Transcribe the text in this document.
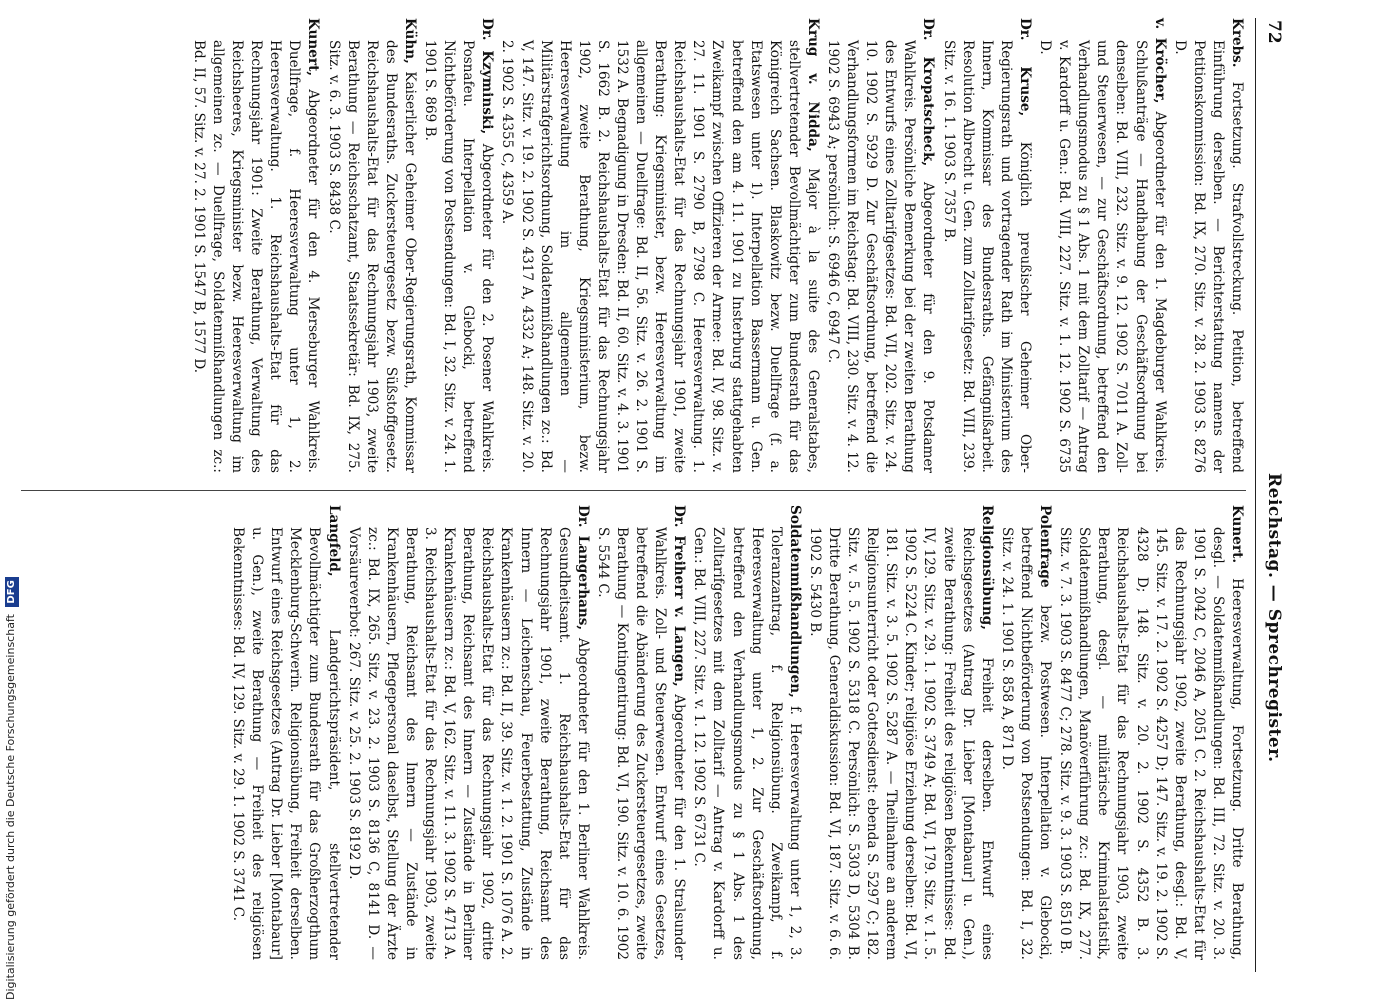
72
Reichstag. — Sprechregister.
Krebs. Fortsetzung. Strafvollstreckung. Petition, betreffend Einführung derselben. — Berichterstattung namens der Petitionskommission: Bd. IX, 270. Sitz. v. 28. 2. 1903 S. 8276 D.
v. Kröcher, Abgeordneter für den 1. Magdeburger Wahlkreis. Schlußanträge — Handhabung der Geschäftsordnung bei denselben: Bd. VIII, 232. Sitz. v. 9. 12. 1902 S. 7011 A. Zoll- und Steuerwesen, — zur Geschäftsordnung, betreffend den Verhandlungsmodus zu § 1 Abs. 1 mit dem Zolltarif — Antrag v. Kardorff u. Gen.: Bd. VIII, 227. Sitz. v. 1. 12. 1902 S. 6735 D.
Dr. Kruse, Königlich preußischer Geheimer Ober-Regierungsrath und vortragender Rath im Ministerium des Innern, Kommissar des Bundesraths. Gefängnißarbeit. Resolution Albrecht u. Gen. zum Zolltarifgesetz: Bd. VIII, 239. Sitz. v. 16. 1. 1903 S. 7357 B.
Dr. Kropatscheck, Abgeordneter für den 9. Potsdamer Wahlkreis. Persönliche Bemerkung bei der zweiten Berathung des Entwurfs eines Zolltarifgesetzes: Bd. VII, 202. Sitz. v. 24. 10. 1902 S. 5929 D. Zur Geschäftsordnung, betreffend die Verhandlungsformen im Reichstag: Bd. VIII, 230. Sitz. v. 4. 12. 1902 S. 6943 A; persönlich: S. 6946 C, 6947 C.
Krug v. Nidda, Major à la suite des Generalstabes, stellvertretender Bevollmächtigter zum Bundesrath für das Königreich Sachsen. Blaskowitz bezw. Duellfrage (f. a. Etatswesen unter 1). Interpellation Bassermann u. Gen. betreffend den am 4. 11. 1901 zu Insterburg stattgehabten Zweikampf zwischen Offizieren der Armee: Bd. IV, 98. Sitz. v. 27. 11. 1901 S. 2790 B, 2798 C. Heeresverwaltung. 1. Reichshaushalts-Etat für das Rechnungsjahr 1901, zweite Berathung: Kriegsminister, bezw. Heeresverwaltung im allgemeinen — Duellfrage: Bd. II, 56. Sitz. v. 26. 2. 1901 S. 1532 A. Begnadigung in Dresden: Bd. II, 60. Sitz. v. 4. 3. 1901 S. 1662 B. 2. Reichshaushalts-Etat für das Rechnungsjahr 1902, zweite Berathung, Kriegsministerium, bezw. Heeresverwaltung im allgemeinen — Militärstrafgerichtsordnung, Soldatenmißhandlungen zc.: Bd. V, 147. Sitz. v. 19. 2. 1902 S. 4317 A, 4332 A; 148. Sitz. v. 20. 2. 1902 S. 4355 C, 4359 A.
Dr. Kzyminski, Abgeordneter für den 2. Posener Wahlkreis. Posnafeu. Interpellation v. Glebocki, betreffend Nichtbeförderung von Postsendungen: Bd. I, 32. Sitz. v. 24. 1. 1901 S. 869 B.
Kühn, Kaiserlicher Geheimer Ober-Regierungsrath, Kommissar des Bundesraths. Zuckersteuergesetz bezw. Süßstoffgesetz. Reichshaushalts-Etat für das Rechnungsjahr 1903, zweite Berathung — Reichsschatzamt, Staatssekretär: Bd. IX, 275. Sitz. v. 6. 3. 1903 S. 8438 C.
Kunert, Abgeordneter für den 4. Merseburger Wahlkreis. Duellfrage, f. Heeresverwaltung unter 1, 2. Heeresverwaltung. 1. Reichshaushalts-Etat für das Rechnungsjahr 1901: Zweite Berathung, Verwaltung des Reichsheeres, Kriegsminister bezw. Heeresverwaltung im allgemeinen zc. — Duellfrage, Soldatenmißhandlungen zc.: Bd. II, 57. Sitz. v. 27. 2. 1901 S. 1547 B, 1577 D.
Kunert. Heeresverwaltung, Fortsetzung. Dritte Berathung, desgl. — Soldatenmißhandlungen: Bd. III, 72. Sitz. v. 20. 3. 1901 S. 2042 C, 2046 A, 2051 C. 2. Reichshaushalts-Etat für das Rechnungsjahr 1902, zweite Berathung, desgl.: Bd. V, 145. Sitz. v. 17. 2. 1902 S. 4257 D; 147. Sitz. v. 19. 2. 1902 S. 4328 D; 148. Sitz. v. 20. 2. 1902 S. 4352 B. 3. Reichshaushalts-Etat für das Rechnungsjahr 1903, zweite Berathung, desgl. — militärische Kriminalstatistik, Soldatenmißhandlungen, Manöverführung zc.: Bd. IX, 277. Sitz. v. 7. 3. 1903 S. 8477 C; 278. Sitz. v. 9. 3. 1903 S. 8510 B.
Polenfrage bezw. Postwesen. Interpellation v. Glebocki, betreffend Nichtbeförderung von Postsendungen: Bd. I, 32. Sitz. v. 24. 1. 1901 S. 858 A, 871 D.
Religionsübung, Freiheit derselben. Entwurf eines Reichsgesetzes (Antrag Dr. Lieber [Montabaur] u. Gen.), zweite Berathung: Freiheit des religiösen Bekenntnisses: Bd. IV, 129. Sitz. v. 29. 1. 1902 S. 3749 A; Bd. VI, 179. Sitz. v. 1. 5. 1902 S. 5224 C. Kinder; religiöse Erziehung derselben: Bd. VI, 181. Sitz. v. 3. 5. 1902 S. 5287 A. — Theilnahme an anderem Religionsunterricht oder Gottesdienst: ebenda S. 5297 C; 182. Sitz. v. 5. 5. 1902 S. 5318 C. Persönlich: S. 5303 D, 5304 B. Dritte Berathung, Generaldiskussion: Bd. VI, 187. Sitz. v. 6. 6. 1902 S. 5430 B.
Soldatenmißhandlungen, f. Heeresverwaltung unter 1, 2, 3. Toleranzantrag, f. Religionsübung. Zweikampf, f. Heeresverwaltung unter 1, 2. Zur Geschäftsordnung, betreffend den Verhandlungsmodus zu § 1 Abs. 1 des Zolltarifgesetzes mit dem Zolltarif — Antrag v. Kardorff u. Gen.: Bd. VIII, 227. Sitz. v. 1. 12. 1902 S. 6731 C.
Dr. Freiherr v. Langen, Abgeordneter für den 1. Stralsunder Wahlkreis. Zoll- und Steuerwesen. Entwurf eines Gesetzes, betreffend die Abänderung des Zuckersteuergesetzes, zweite Berathung — Kontingentirung: Bd. VI, 190. Sitz. v. 10. 6. 1902 S. 5544 C.
Dr. Langerhans, Abgeordneter für den 1. Berliner Wahlkreis. Gesundheitsamt. 1. Reichshaushalts-Etat für das Rechnungsjahr 1901, zweite Berathung, Reichsamt des Innern — Leichenschau, Feuerbestattung, Zustände in Krankenhäusern zc.: Bd. II, 39. Sitz. v. 1. 2. 1901 S. 1076 A. 2. Reichshaushalts-Etat für das Rechnungsjahr 1902, dritte Berathung, Reichsamt des Innern — Zustände in Berliner Krankenhäusern zc.: Bd. V, 162. Sitz. v. 11. 3. 1902 S. 4713 A. 3. Reichshaushalts-Etat für das Rechnungsjahr 1903, zweite Berathung, Reichsamt des Innern — Zustände in Krankenhäusern, Pflegepersonal daselbst, Stellung der Ärzte zc.: Bd. IX, 265. Sitz. v. 23. 2. 1903 S. 8136 C, 8141 D. — Vorsäureverbot: 267. Sitz. v. 25. 2. 1903 S. 8192 D.
Langfeld, Landgerichtspräsident, stellvertretender Bevollmächtigter zum Bundesrath für das Großherzogthum Mecklenburg-Schwerin. Religionsübung, Freiheit derselben. Entwurf eines Reichsgesetzes (Antrag Dr. Lieber [Montabaur] u. Gen.), zweite Berathung — Freiheit des religiösen Bekenntnisses: Bd. IV, 129. Sitz. v. 29. 1. 1902 S. 3741 C.
Digitalisierung gefördert durch die Deutsche Forschungsgemeinschaft DFG
